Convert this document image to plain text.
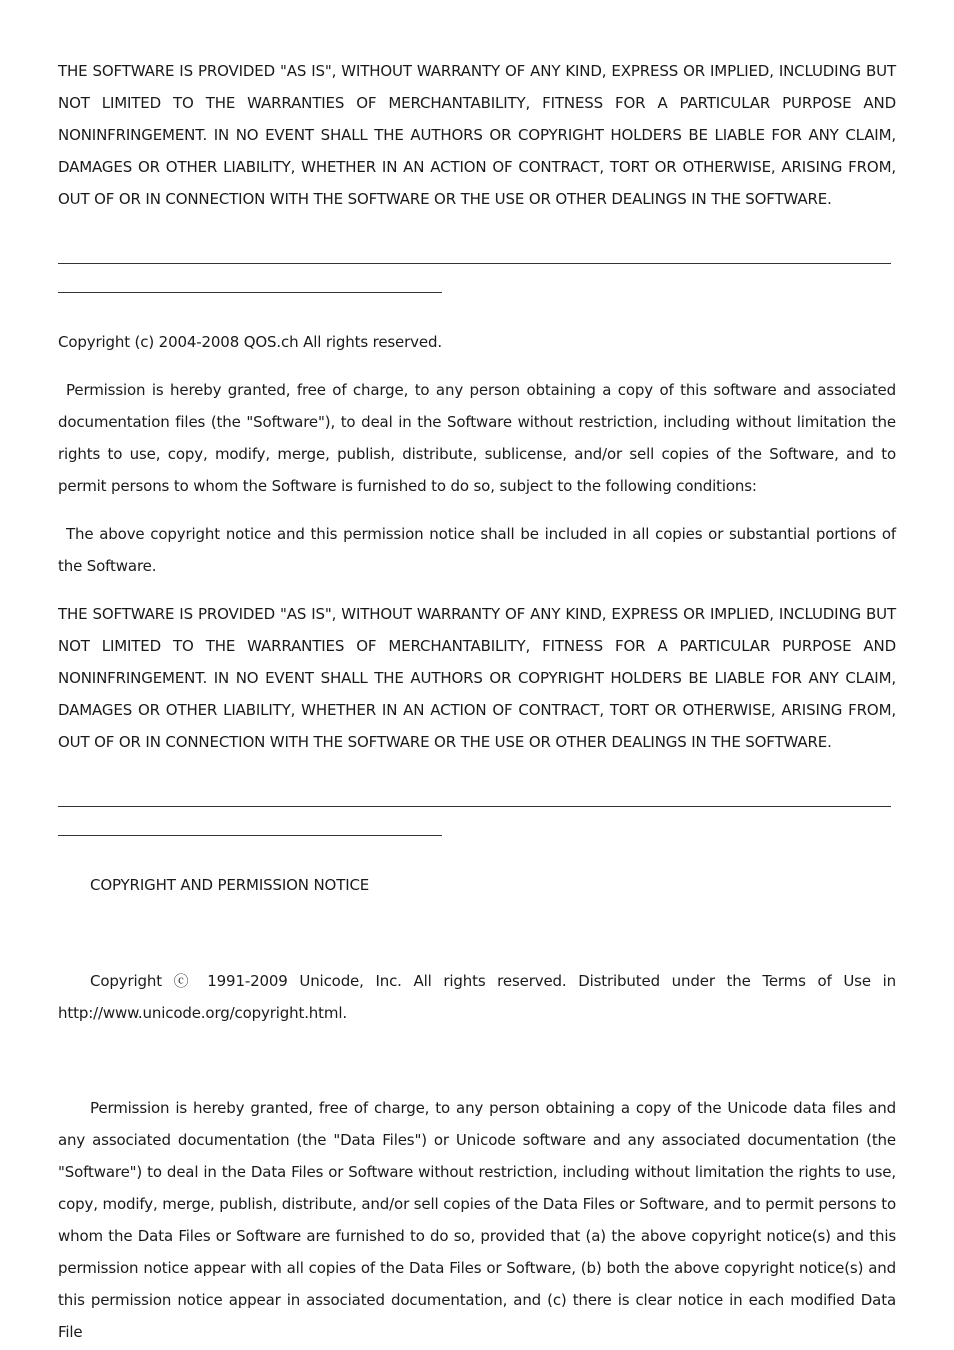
THE SOFTWARE IS PROVIDED "AS IS", WITHOUT WARRANTY OF ANY KIND, EXPRESS OR IMPLIED, INCLUDING BUT NOT LIMITED TO THE WARRANTIES OF MERCHANTABILITY, FITNESS FOR A PARTICULAR PURPOSE AND NONINFRINGEMENT. IN NO EVENT SHALL THE AUTHORS OR COPYRIGHT HOLDERS BE LIABLE FOR ANY CLAIM, DAMAGES OR OTHER LIABILITY, WHETHER IN AN ACTION OF CONTRACT, TORT OR OTHERWISE, ARISING FROM, OUT OF OR IN CONNECTION WITH THE SOFTWARE OR THE USE OR OTHER DEALINGS IN THE SOFTWARE.

Copyright (c) 2004-2008 QOS.ch All rights reserved.

Permission is hereby granted, free of charge, to any person obtaining a copy of this software and associated documentation files (the "Software"), to deal in the Software without restriction, including without limitation the rights to use, copy, modify, merge, publish, distribute, sublicense, and/or sell copies of the Software, and to permit persons to whom the Software is furnished to do so, subject to the following conditions:

The above copyright notice and this permission notice shall be included in all copies or substantial portions of the Software.

THE SOFTWARE IS PROVIDED "AS IS", WITHOUT WARRANTY OF ANY KIND, EXPRESS OR IMPLIED, INCLUDING BUT NOT LIMITED TO THE WARRANTIES OF MERCHANTABILITY, FITNESS FOR A PARTICULAR PURPOSE AND NONINFRINGEMENT. IN NO EVENT SHALL THE AUTHORS OR COPYRIGHT HOLDERS BE LIABLE FOR ANY CLAIM, DAMAGES OR OTHER LIABILITY, WHETHER IN AN ACTION OF CONTRACT, TORT OR OTHERWISE, ARISING FROM, OUT OF OR IN CONNECTION WITH THE SOFTWARE OR THE USE OR OTHER DEALINGS IN THE SOFTWARE.

COPYRIGHT AND PERMISSION NOTICE

Copyright ⓒ 1991-2009 Unicode, Inc. All rights reserved. Distributed under the Terms of Use in http://www.unicode.org/copyright.html.

Permission is hereby granted, free of charge, to any person obtaining a copy of the Unicode data files and any associated documentation (the "Data Files") or Unicode software and any associated documentation (the "Software") to deal in the Data Files or Software without restriction, including without limitation the rights to use, copy, modify, merge, publish, distribute, and/or sell copies of the Data Files or Software, and to permit persons to whom the Data Files or Software are furnished to do so, provided that (a) the above copyright notice(s) and this permission notice appear with all copies of the Data Files or Software, (b) both the above copyright notice(s) and this permission notice appear in associated documentation, and (c) there is clear notice in each modified Data File
